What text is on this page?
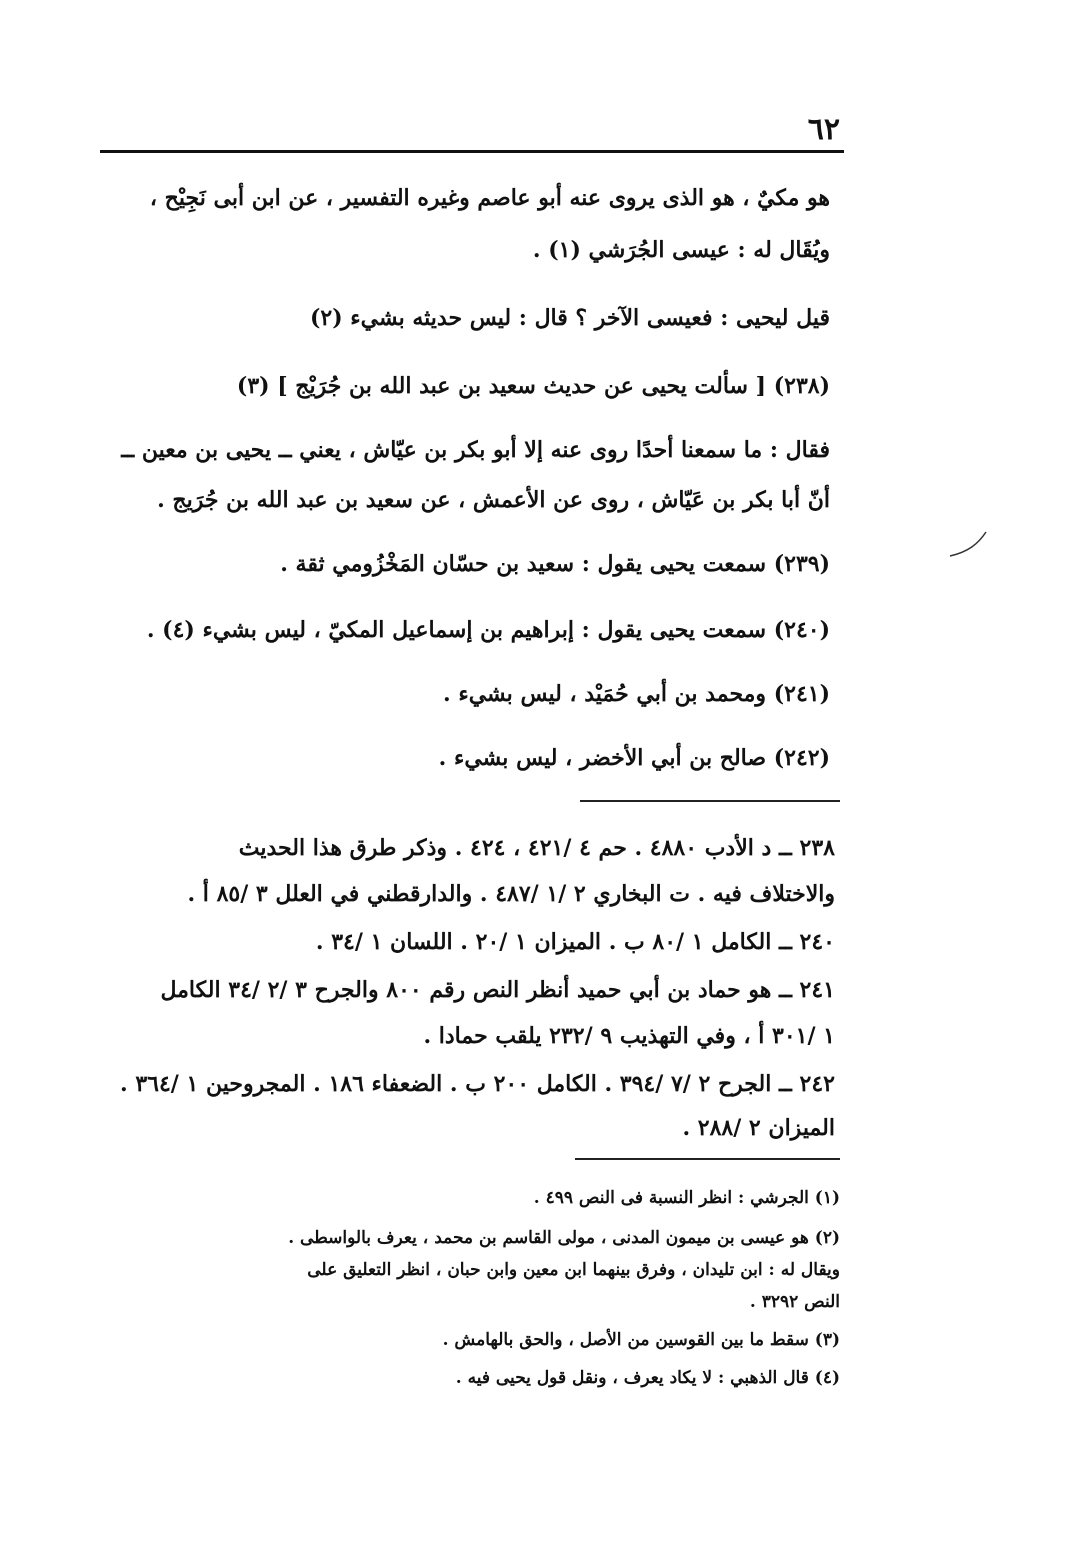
٦٢
هو مكيٌ ، هو الذى يروى عنه أبو عاصم وغيره التفسير ، عن ابن أبى نَجِيْح ،
ويُقَال له : عيسى الجُرَشي (١) .
قيل ليحيى : فعيسى الآخر ؟ قال : ليس حديثه بشيء (٢)
(٢٣٨) [ سألت يحيى عن حديث سعيد بن عبد الله بن جُرَيْج ] (٣)
فقال : ما سمعنا أحدًا روى عنه إلا أبو بكر بن عيّاش ، يعني ــ يحيى بن معين ــ
أنّ أبا بكر بن عَيّاش ، روى عن الأعمش ، عن سعيد بن عبد الله بن جُرَيج .
(٢٣٩) سمعت يحيى يقول : سعيد بن حسّان المَخْزُومي ثقة .
(٢٤٠) سمعت يحيى يقول : إبراهيم بن إسماعيل المكيّ ، ليس بشيء (٤) .
(٢٤١) ومحمد بن أبي حُمَيْد ، ليس بشيء .
(٢٤٢) صالح بن أبي الأخضر ، ليس بشيء .
٢٣٨ ــ د الأدب ٤٨٨٠ . حم ٤ /٤٢١ ، ٤٢٤ . وذكر طرق هذا الحديث
والاختلاف فيه . ت البخاري ٢ /١ /٤٨٧ . والدارقطني في العلل ٣ /٨٥ أ .
٢٤٠ ــ الكامل ١ /٨٠ ب . الميزان ١ /٢٠ . اللسان ١ /٣٤ .
٢٤١ ــ هو حماد بن أبي حميد أنظر النص رقم ٨٠٠ والجرح ٣ /٢ /٣٤ الكامل
١ /٣٠١ أ ، وفي التهذيب ٩ /٢٣٢ يلقب حمادا .
٢٤٢ ــ الجرح ٢ /٧ /٣٩٤ . الكامل ٢٠٠ ب . الضعفاء ١٨٦ . المجروحين ١ /٣٦٤ .
الميزان ٢ /٢٨٨ .
(١) الجرشي : انظر النسبة فى النص ٤٩٩ .
(٢) هو عيسى بن ميمون المدنى ، مولى القاسم بن محمد ، يعرف بالواسطى .
ويقال له : ابن تليدان ، وفرق بينهما ابن معين وابن حبان ، انظر التعليق على
النص ٣٢٩٢ .
(٣) سقط ما بين القوسين من الأصل ، والحق بالهامش .
(٤) قال الذهبي : لا يكاد يعرف ، ونقل قول يحيى فيه .
